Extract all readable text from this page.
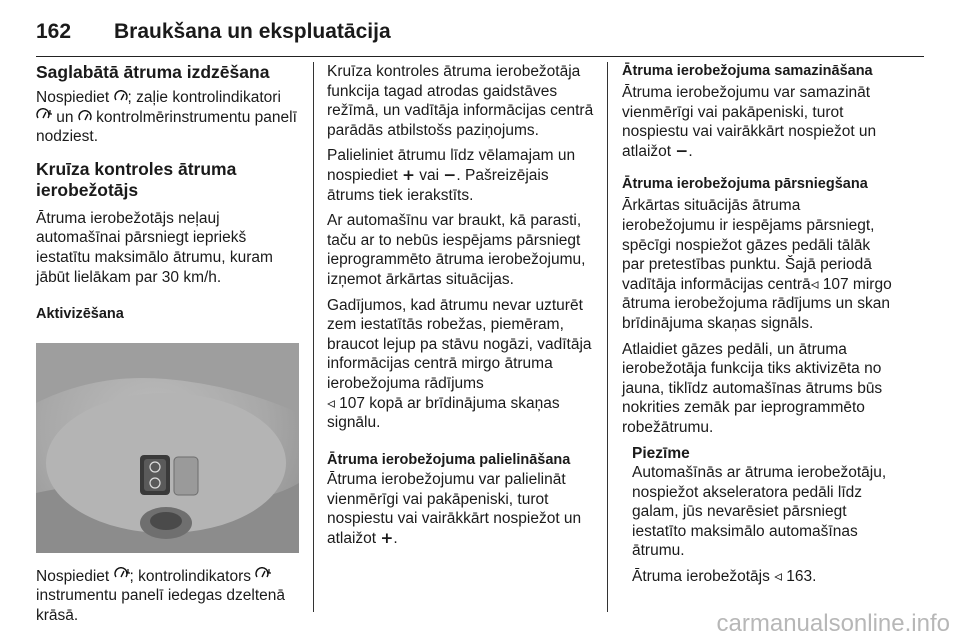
162 Braukšana un ekspluatācija
Saglabātā ātruma izdzēšana

Nospiediet ; zaļie kontrolindikatori  un  kontrolmērinstrumentu panelī nodziest.

Kruīza kontroles ātruma ierobežotājs

Ātruma ierobežotājs neļauj automašīnai pārsniegt iepriekš iestatītu maksimālo ātrumu, kuram jābūt lielākam par 30 km/h.

Aktivizēšana

Nospiediet ; kontrolindikators  instrumentu panelī iedegas dzeltenā krāsā.

Kruīza kontroles ātruma ierobežotāja funkcija tagad atrodas gaidstāves režīmā, un vadītāja informācijas centrā parādās atbilstošs paziņojums.

Palieliniet ātrumu līdz vēlamajam un nospiediet + vai −. Pašreizējais ātrums tiek ierakstīts.

Ar automašīnu var braukt, kā parasti, taču ar to nebūs iespējams pārsniegt ieprogrammēto ātruma ierobežojumu, izņemot ārkārtas situācijas.

Gadījumos, kad ātrumu nevar uzturēt zem iestatītās robežas, piemēram, braucot lejup pa stāvu nogāzi, vadītāja informācijas centrā mirgo ātruma ierobežojuma rādījums
◃ 107 kopā ar brīdinājuma skaņas signālu.

Ātruma ierobežojuma palielināšana

Ātruma ierobežojumu var palielināt vienmērīgi vai pakāpeniski, turot nospiestu vai vairākkārt nospiežot un atlaižot +.

Ātruma ierobežojuma samazināšana

Ātruma ierobežojumu var samazināt vienmērīgi vai pakāpeniski, turot nospiestu vai vairākkārt nospiežot un atlaižot −.

Ātruma ierobežojuma pārsniegšana

Ārkārtas situācijās ātruma ierobežojumu ir iespējams pārsniegt, spēcīgi nospiežot gāzes pedāli tālāk par pretestības punktu. Šajā periodā vadītāja informācijas centrā◃ 107 mirgo ātruma ierobežojuma rādījums un skan brīdinājuma skaņas signāls.

Atlaidiet gāzes pedāli, un ātruma ierobežotāja funkcija tiks aktivizēta no jauna, tiklīdz automašīnas ātrums būs nokrities zemāk par ieprogrammēto robežātrumu.

Piezīme

Automašīnās ar ātruma ierobežotāju, nospiežot akseleratora pedāli līdz galam, jūs nevarēsiet pārsniegt iestatīto maksimālo automašīnas ātrumu.

Ātruma ierobežotājs ◃ 163.

carmanualsonline.info
